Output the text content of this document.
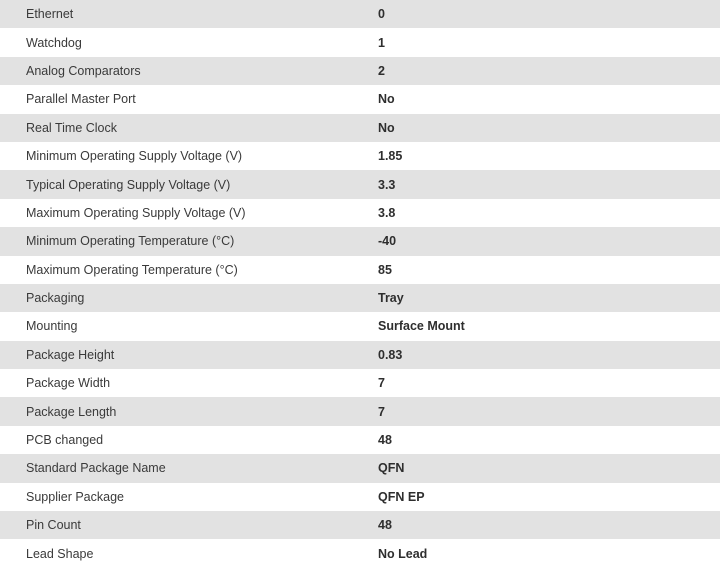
Ethernet	0
Watchdog	1
Analog Comparators	2
Parallel Master Port	No
Real Time Clock	No
Minimum Operating Supply Voltage (V)	1.85
Typical Operating Supply Voltage (V)	3.3
Maximum Operating Supply Voltage (V)	3.8
Minimum Operating Temperature (°C)	-40
Maximum Operating Temperature (°C)	85
Packaging	Tray
Mounting	Surface Mount
Package Height	0.83
Package Width	7
Package Length	7
PCB changed	48
Standard Package Name	QFN
Supplier Package	QFN EP
Pin Count	48
Lead Shape	No Lead
